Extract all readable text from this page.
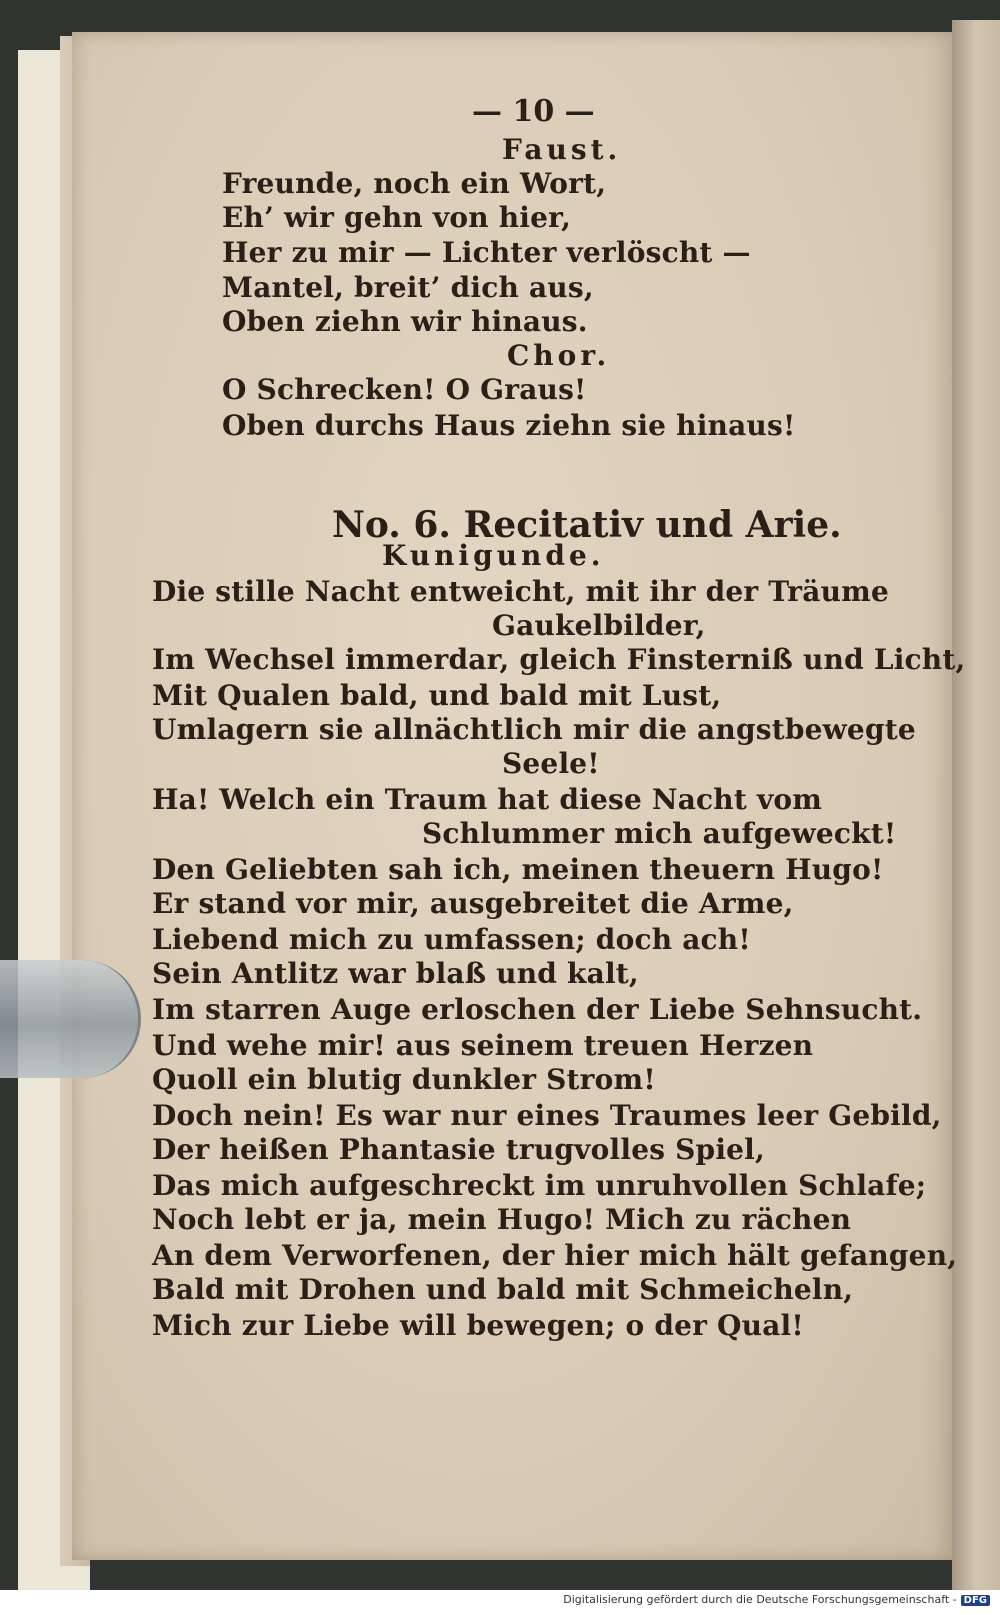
— 10 —
Faust.
Freunde, noch ein Wort,
Eh’ wir gehn von hier,
Her zu mir — Lichter verlöscht —
Mantel, breit’ dich aus,
Oben ziehn wir hinaus.
Chor.
O Schrecken! O Graus!
Oben durchs Haus ziehn sie hinaus!
No. 6. Recitativ und Arie.
Kunigunde.
Die stille Nacht entweicht, mit ihr der Träume
Gaukelbilder,
Im Wechsel immerdar, gleich Finsterniß und Licht,
Mit Qualen bald, und bald mit Lust,
Umlagern sie allnächtlich mir die angstbewegte
Seele!
Ha! Welch ein Traum hat diese Nacht vom
Schlummer mich aufgeweckt!
Den Geliebten sah ich, meinen theuern Hugo!
Er stand vor mir, ausgebreitet die Arme,
Liebend mich zu umfassen; doch ach!
Sein Antlitz war blaß und kalt,
Im starren Auge erloschen der Liebe Sehnsucht.
Und wehe mir! aus seinem treuen Herzen
Quoll ein blutig dunkler Strom!
Doch nein! Es war nur eines Traumes leer Gebild,
Der heißen Phantasie trugvolles Spiel,
Das mich aufgeschreckt im unruhvollen Schlafe;
Noch lebt er ja, mein Hugo! Mich zu rächen
An dem Verworfenen, der hier mich hält gefangen,
Bald mit Drohen und bald mit Schmeicheln,
Mich zur Liebe will bewegen; o der Qual!
Digitalisierung gefördert durch die Deutsche Forschungsgemeinschaft - DFG
